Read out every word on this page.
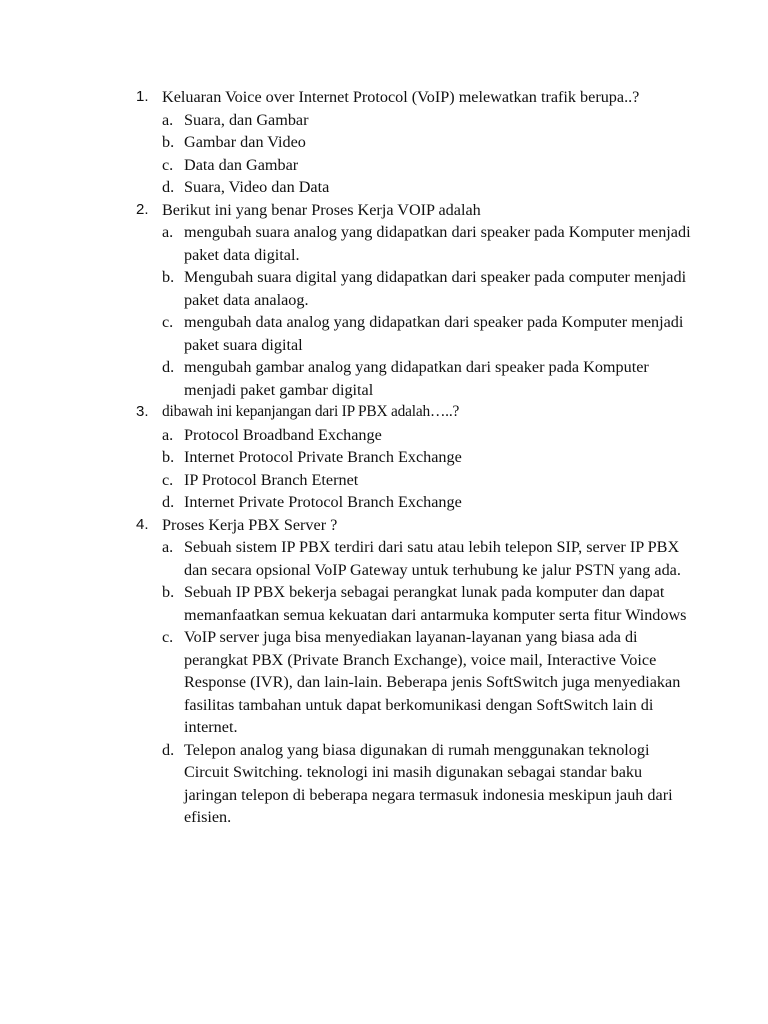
1. Keluaran Voice over Internet Protocol (VoIP) melewatkan trafik berupa..?
a. Suara, dan Gambar
b. Gambar dan Video
c. Data dan Gambar
d. Suara, Video dan Data
2. Berikut ini yang benar Proses Kerja VOIP adalah
a. mengubah suara analog yang didapatkan dari speaker pada Komputer menjadi paket data digital.
b. Mengubah suara digital yang didapatkan dari speaker pada computer menjadi paket data analaog.
c. mengubah data analog yang didapatkan dari speaker pada Komputer menjadi paket suara digital
d. mengubah gambar analog yang didapatkan dari speaker pada Komputer menjadi paket gambar digital
3. dibawah ini kepanjangan dari IP PBX adalah…..?
a. Protocol Broadband Exchange
b. Internet Protocol Private Branch Exchange
c. IP Protocol Branch Eternet
d. Internet Private Protocol Branch Exchange
4. Proses Kerja PBX Server ?
a. Sebuah sistem IP PBX terdiri dari satu atau lebih telepon SIP, server IP PBX dan secara opsional VoIP Gateway untuk terhubung ke jalur PSTN yang ada.
b. Sebuah IP PBX bekerja sebagai perangkat lunak pada komputer dan dapat memanfaatkan semua kekuatan dari antarmuka komputer serta fitur Windows
c. VoIP server juga bisa menyediakan layanan-layanan yang biasa ada di perangkat PBX (Private Branch Exchange), voice mail, Interactive Voice Response (IVR), dan lain-lain. Beberapa jenis SoftSwitch juga menyediakan fasilitas tambahan untuk dapat berkomunikasi dengan SoftSwitch lain di internet.
d. Telepon analog yang biasa digunakan di rumah menggunakan teknologi Circuit Switching. teknologi ini masih digunakan sebagai standar baku jaringan telepon di beberapa negara termasuk indonesia meskipun jauh dari efisien.
